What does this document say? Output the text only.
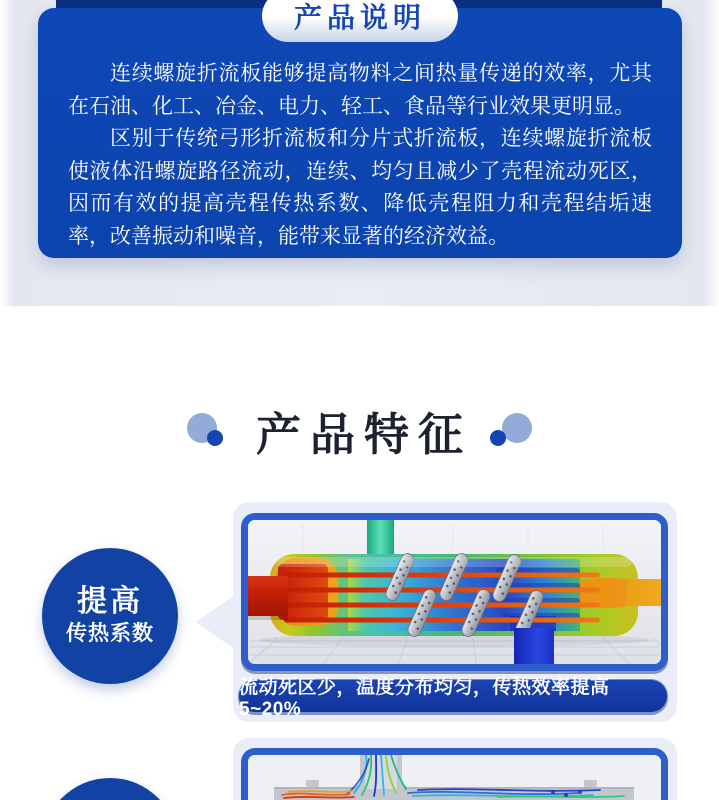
产品说明

连续螺旋折流板能够提高物料之间热量传递的效率，尤其在石油、化工、冶金、电力、轻工、食品等行业效果更明显。

区别于传统弓形折流板和分片式折流板，连续螺旋折流板使液体沿螺旋路径流动，连续、均匀且减少了壳程流动死区，因而有效的提高壳程传热系数、降低壳程阻力和壳程结垢速率，改善振动和噪音，能带来显著的经济效益。

产品特征
提高
传热系数
流动死区少，温度分布均匀，传热效率提高5~20%
